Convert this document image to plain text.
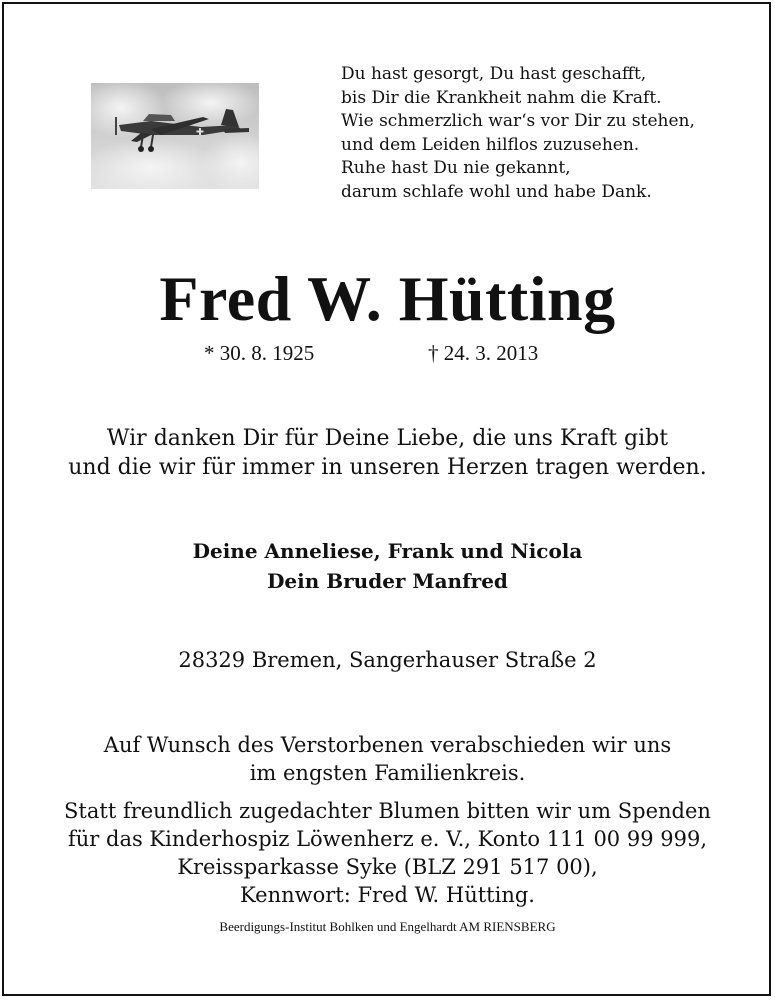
Du hast gesorgt, Du hast geschafft,
bis Dir die Krankheit nahm die Kraft.
Wie schmerzlich war‘s vor Dir zu stehen,
und dem Leiden hilflos zuzusehen.
Ruhe hast Du nie gekannt,
darum schlafe wohl und habe Dank.
Fred W. Hütting
* 30. 8. 1925	† 24. 3. 2013
Wir danken Dir für Deine Liebe, die uns Kraft gibt
und die wir für immer in unseren Herzen tragen werden.
Deine Anneliese, Frank und Nicola
Dein Bruder Manfred
28329 Bremen, Sangerhauser Straße 2
Auf Wunsch des Verstorbenen verabschieden wir uns
im engsten Familienkreis.
Statt freundlich zugedachter Blumen bitten wir um Spenden
für das Kinderhospiz Löwenherz e. V., Konto 111 00 99 999,
Kreissparkasse Syke (BLZ 291 517 00),
Kennwort: Fred W. Hütting.
Beerdigungs-Institut Bohlken und Engelhardt AM RIENSBERG
